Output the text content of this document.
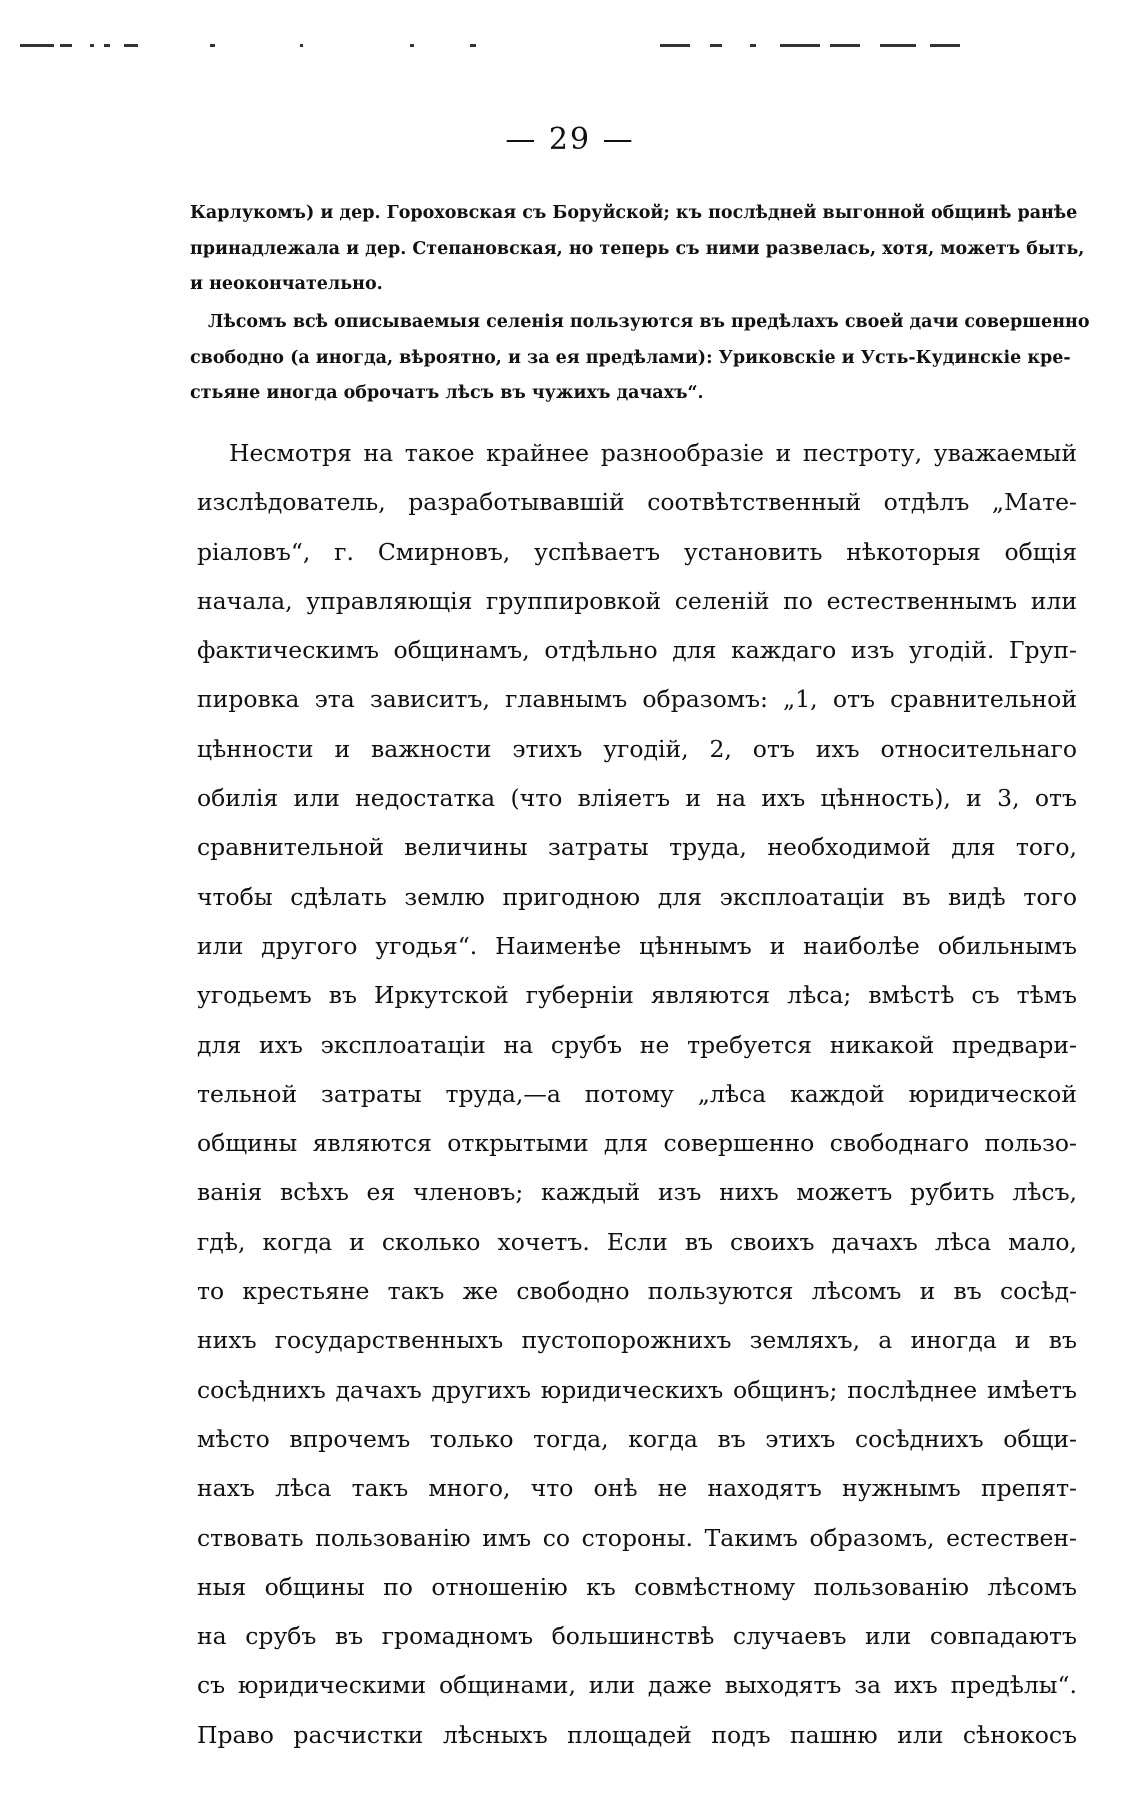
— 29 —
Карлукомъ) и дер. Гороховская съ Боруйской; къ послѣдней выгонной общинѣ ранѣе
принадлежала и дер. Степановская, но теперь съ ними развелась, хотя, можетъ быть,
и неокончательно.
Лѣсомъ всѣ описываемыя селенія пользуются въ предѣлахъ своей дачи совершенно
свободно (а иногда, вѣроятно, и за ея предѣлами): Уриковскіе и Усть-Кудинскіе кре-
стьяне иногда оброчатъ лѣсъ въ чужихъ дачахъ“.
Несмотря на такое крайнее разнообразіе и пестроту, уважаемый
изслѣдователь, разработывавшій соотвѣтственный отдѣлъ „Мате-
ріаловъ“, г. Смирновъ, успѣваетъ установить нѣкоторыя общія
начала, управляющія группировкой селеній по естественнымъ или
фактическимъ общинамъ, отдѣльно для каждаго изъ угодій. Груп-
пировка эта зависитъ, главнымъ образомъ: „1, отъ сравнительной
цѣнности и важности этихъ угодій, 2, отъ ихъ относительнаго
обилія или недостатка (что вліяетъ и на ихъ цѣнность), и 3, отъ
сравнительной величины затраты труда, необходимой для того,
чтобы сдѣлать землю пригодною для эксплоатаціи въ видѣ того
или другого угодья“. Наименѣе цѣннымъ и наиболѣе обильнымъ
угодьемъ въ Иркутской губерніи являются лѣса; вмѣстѣ съ тѣмъ
для ихъ эксплоатаціи на срубъ не требуется никакой предвари-
тельной затраты труда,—а потому „лѣса каждой юридической
общины являются открытыми для совершенно свободнаго пользо-
ванія всѣхъ ея членовъ; каждый изъ нихъ можетъ рубить лѣсъ,
гдѣ, когда и сколько хочетъ. Если въ своихъ дачахъ лѣса мало,
то крестьяне такъ же свободно пользуются лѣсомъ и въ сосѣд-
нихъ государственныхъ пустопорожнихъ земляхъ, а иногда и въ
сосѣднихъ дачахъ другихъ юридическихъ общинъ; послѣднее имѣетъ
мѣсто впрочемъ только тогда, когда въ этихъ сосѣднихъ общи-
нахъ лѣса такъ много, что онѣ не находятъ нужнымъ препят-
ствовать пользованію имъ со стороны. Такимъ образомъ, естествен-
ныя общины по отношенію къ совмѣстному пользованію лѣсомъ
на срубъ въ громадномъ большинствѣ случаевъ или совпадаютъ
съ юридическими общинами, или даже выходятъ за ихъ предѣлы“.
Право расчистки лѣсныхъ площадей подъ пашню или сѣнокосъ
